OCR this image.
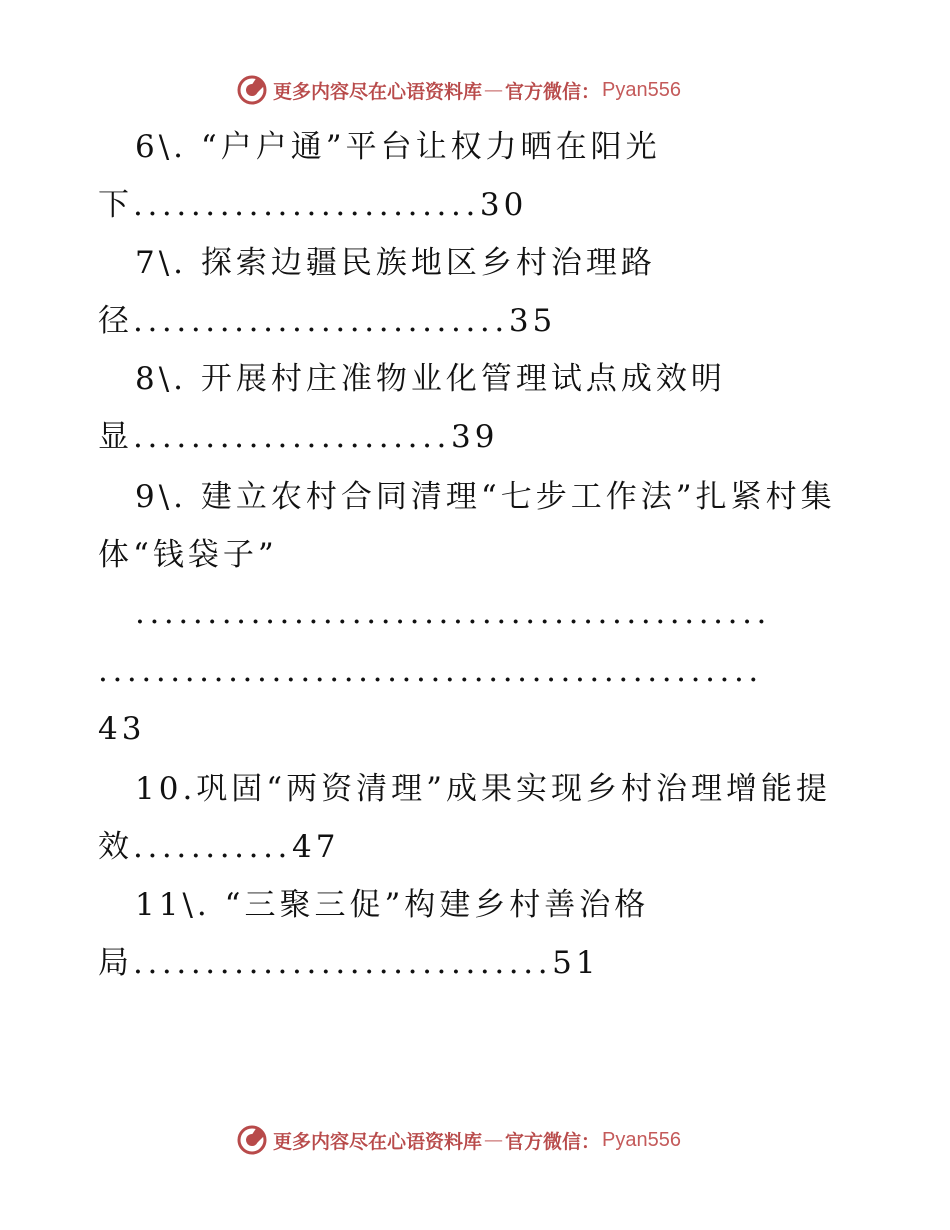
更多内容尽在心语资料库 — 官方微信： Pyan556
6\. “户户通”平台让权力晒在阳光
下........................30
7\. 探索边疆民族地区乡村治理路
径..........................35
8\. 开展村庄准物业化管理试点成效明
显......................39
9\. 建立农村合同清理“七步工作法”扎紧村集
体“钱袋子”
............................................
..............................................
43
10.巩固“两资清理”成果实现乡村治理增能提
效...........47
11\. “三聚三促”构建乡村善治格
局.............................51
更多内容尽在心语资料库 — 官方微信： Pyan556
